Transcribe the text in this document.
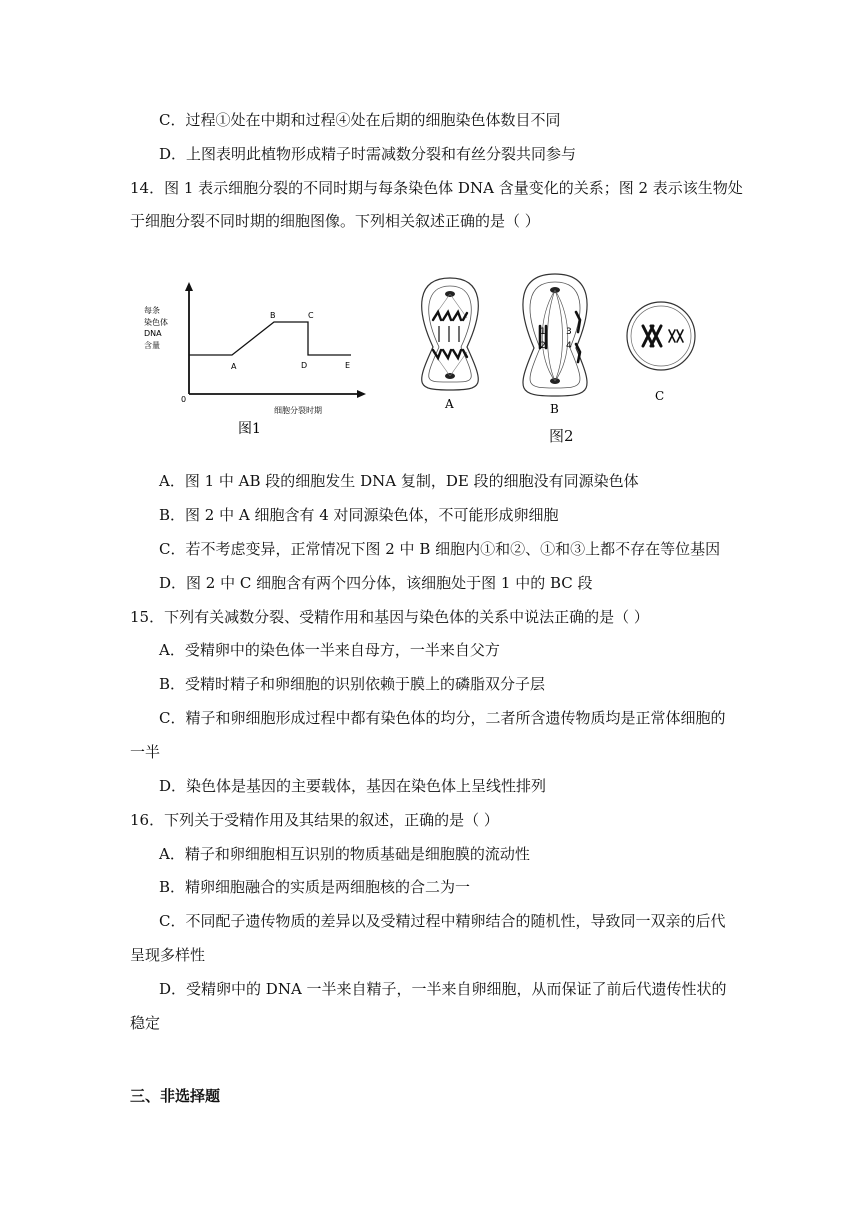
C．过程①处在中期和过程④处在后期的细胞染色体数目不同
D．上图表明此植物形成精子时需减数分裂和有丝分裂共同参与
14．图 1 表示细胞分裂的不同时期与每条染色体 DNA 含量变化的关系；图 2 表示该生物处
于细胞分裂不同时期的细胞图像。下列相关叙述正确的是（ ）
每条
染色体
DNA
含量
A
B	C
D	E
0
细胞分裂时期
图1
A
1
2
3
4
B
C
图2
A．图 1 中 AB 段的细胞发生 DNA 复制，DE 段的细胞没有同源染色体
B．图 2 中 A 细胞含有 4 对同源染色体，不可能形成卵细胞
C．若不考虑变异，正常情况下图 2 中 B 细胞内①和②、①和③上都不存在等位基因
D．图 2 中 C 细胞含有两个四分体，该细胞处于图 1 中的 BC 段
15．下列有关减数分裂、受精作用和基因与染色体的关系中说法正确的是（ ）
A．受精卵中的染色体一半来自母方，一半来自父方
B．受精时精子和卵细胞的识别依赖于膜上的磷脂双分子层
C．精子和卵细胞形成过程中都有染色体的均分，二者所含遗传物质均是正常体细胞的
一半
D．染色体是基因的主要载体，基因在染色体上呈线性排列
16．下列关于受精作用及其结果的叙述，正确的是（ ）
A．精子和卵细胞相互识别的物质基础是细胞膜的流动性
B．精卵细胞融合的实质是两细胞核的合二为一
C．不同配子遗传物质的差异以及受精过程中精卵结合的随机性，导致同一双亲的后代
呈现多样性
D．受精卵中的 DNA 一半来自精子，一半来自卵细胞，从而保证了前后代遗传性状的
稳定
三、非选择题
